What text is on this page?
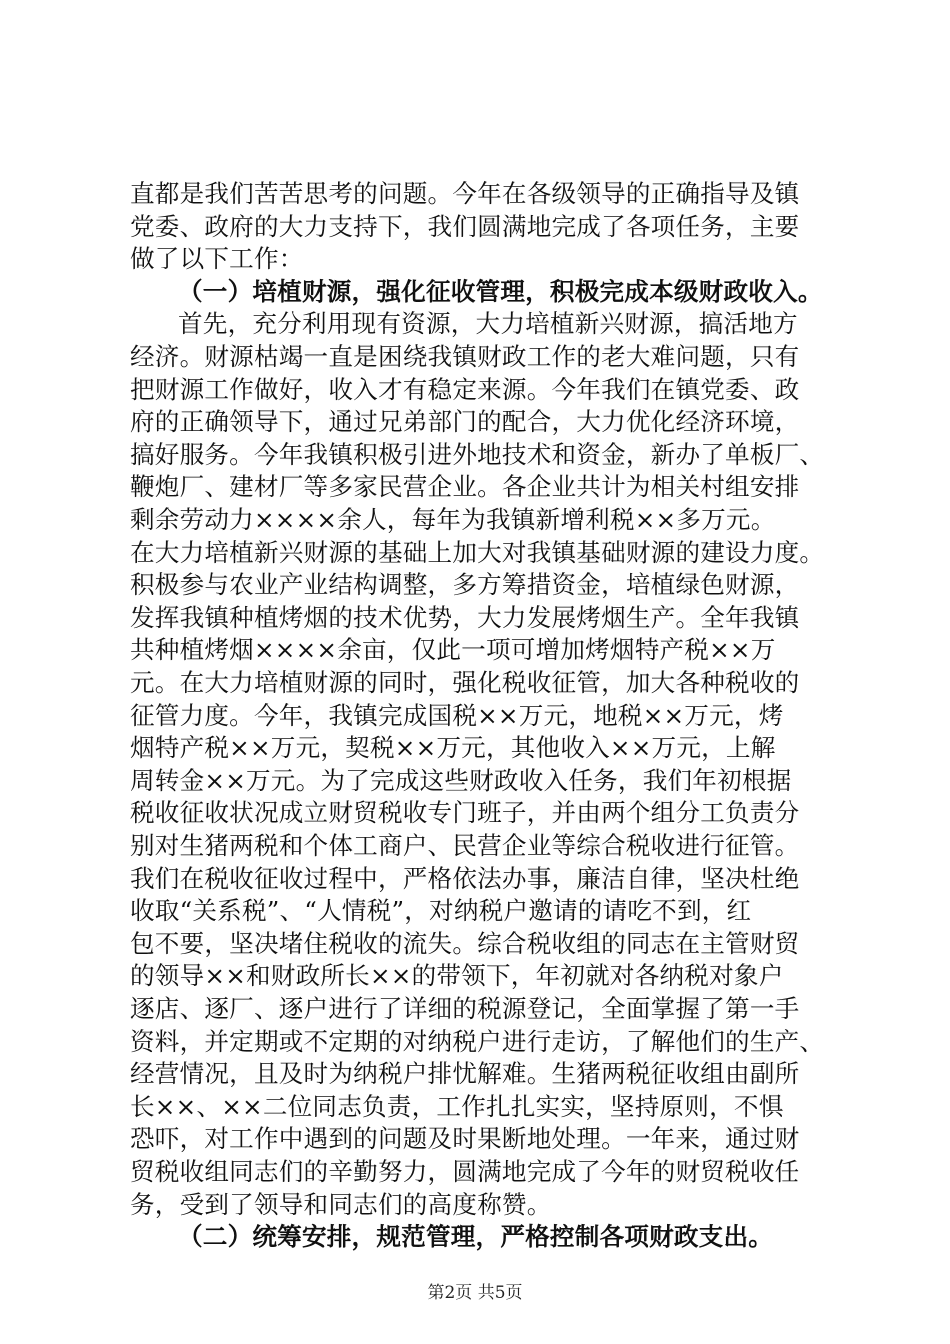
直都是我们苦苦思考的问题。今年在各级领导的正确指导及镇
党委、政府的大力支持下，我们圆满地完成了各项任务，主要
做了以下工作：
（一）培植财源，强化征收管理，积极完成本级财政收入。
首先，充分利用现有资源，大力培植新兴财源，搞活地方
经济。财源枯竭一直是困绕我镇财政工作的老大难问题，只有
把财源工作做好，收入才有稳定来源。今年我们在镇党委、政
府的正确领导下，通过兄弟部门的配合，大力优化经济环境，
搞好服务。今年我镇积极引进外地技术和资金，新办了单板厂、
鞭炮厂、建材厂等多家民营企业。各企业共计为相关村组安排
剩余劳动力××××余人，每年为我镇新增利税××多万元。
在大力培植新兴财源的基础上加大对我镇基础财源的建设力度。
积极参与农业产业结构调整，多方筹措资金，培植绿色财源，
发挥我镇种植烤烟的技术优势，大力发展烤烟生产。全年我镇
共种植烤烟××××余亩，仅此一项可增加烤烟特产税××万
元。在大力培植财源的同时，强化税收征管，加大各种税收的
征管力度。今年，我镇完成国税××万元，地税××万元，烤
烟特产税××万元，契税××万元，其他收入××万元，上解
周转金××万元。为了完成这些财政收入任务，我们年初根据
税收征收状况成立财贸税收专门班子，并由两个组分工负责分
别对生猪两税和个体工商户、民营企业等综合税收进行征管。
我们在税收征收过程中，严格依法办事，廉洁自律，坚决杜绝
收取“关系税”、“人情税”，对纳税户邀请的请吃不到，红
包不要，坚决堵住税收的流失。综合税收组的同志在主管财贸
的领导××和财政所长××的带领下，年初就对各纳税对象户
逐店、逐厂、逐户进行了详细的税源登记，全面掌握了第一手
资料，并定期或不定期的对纳税户进行走访，了解他们的生产、
经营情况，且及时为纳税户排忧解难。生猪两税征收组由副所
长××、××二位同志负责，工作扎扎实实，坚持原则，不惧
恐吓，对工作中遇到的问题及时果断地处理。一年来，通过财
贸税收组同志们的辛勤努力，圆满地完成了今年的财贸税收任
务，受到了领导和同志们的高度称赞。
（二）统筹安排，规范管理，严格控制各项财政支出。
第2页 共5页
